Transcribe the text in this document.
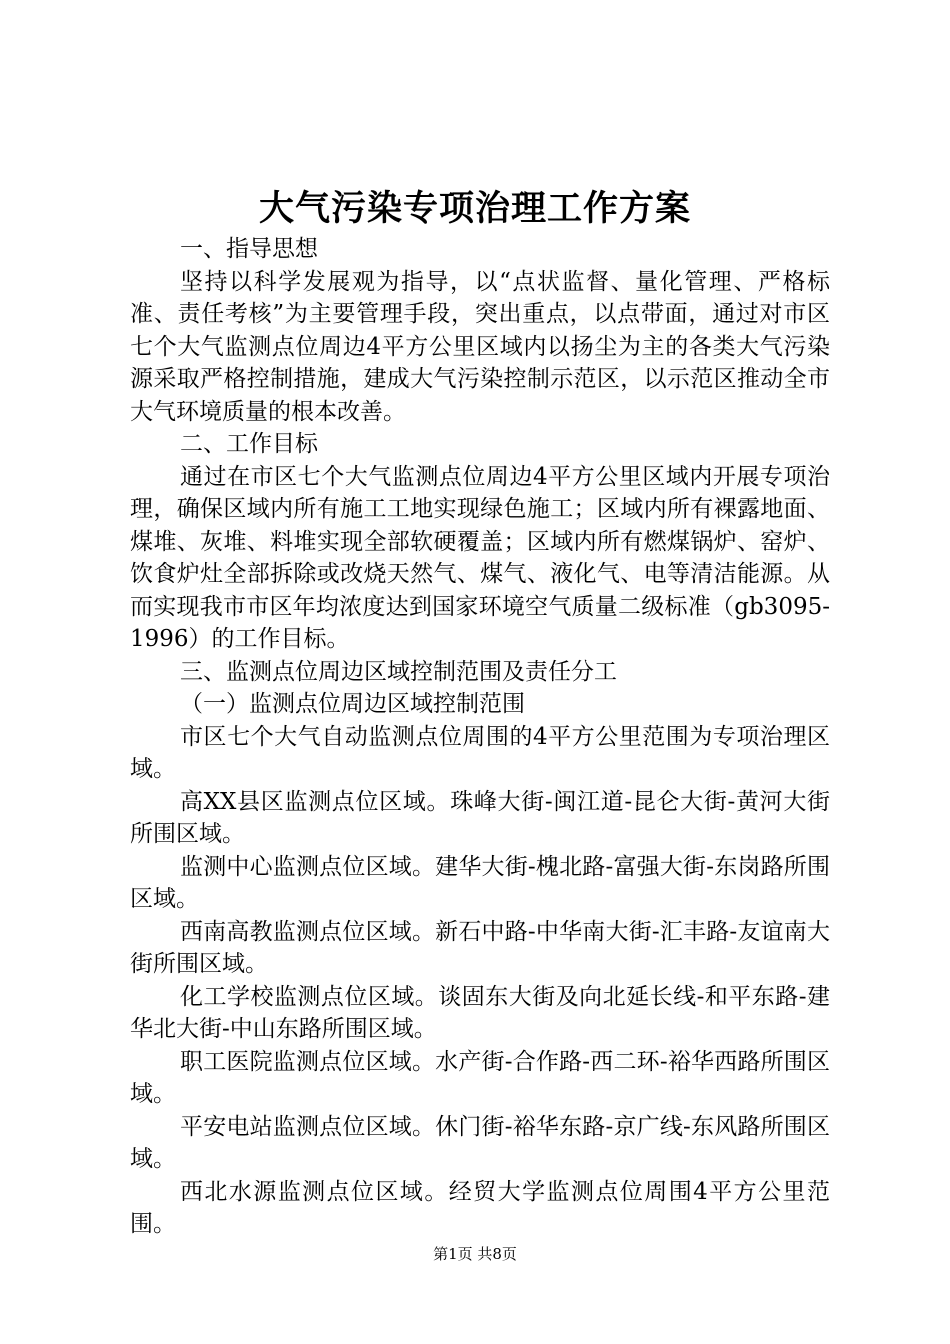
大气污染专项治理工作方案

一、指导思想

坚持以科学发展观为指导，以“点状监督、量化管理、严格标准、责任考核”为主要管理手段，突出重点，以点带面，通过对市区七个大气监测点位周边4平方公里区域内以扬尘为主的各类大气污染源采取严格控制措施，建成大气污染控制示范区，以示范区推动全市大气环境质量的根本改善。

二、工作目标

通过在市区七个大气监测点位周边4平方公里区域内开展专项治理，确保区域内所有施工工地实现绿色施工；区域内所有裸露地面、煤堆、灰堆、料堆实现全部软硬覆盖；区域内所有燃煤锅炉、窑炉、饮食炉灶全部拆除或改烧天然气、煤气、液化气、电等清洁能源。从而实现我市市区年均浓度达到国家环境空气质量二级标准（gb3095-1996）的工作目标。

三、监测点位周边区域控制范围及责任分工

（一）监测点位周边区域控制范围

市区七个大气自动监测点位周围的4平方公里范围为专项治理区域。

高XX县区监测点位区域。珠峰大街-闽江道-昆仑大街-黄河大街所围区域。

监测中心监测点位区域。建华大街-槐北路-富强大街-东岗路所围区域。

西南高教监测点位区域。新石中路-中华南大街-汇丰路-友谊南大街所围区域。

化工学校监测点位区域。谈固东大街及向北延长线-和平东路-建华北大街-中山东路所围区域。

职工医院监测点位区域。水产街-合作路-西二环-裕华西路所围区域。

平安电站监测点位区域。休门街-裕华东路-京广线-东风路所围区域。

西北水源监测点位区域。经贸大学监测点位周围4平方公里范围。

第1页 共8页
